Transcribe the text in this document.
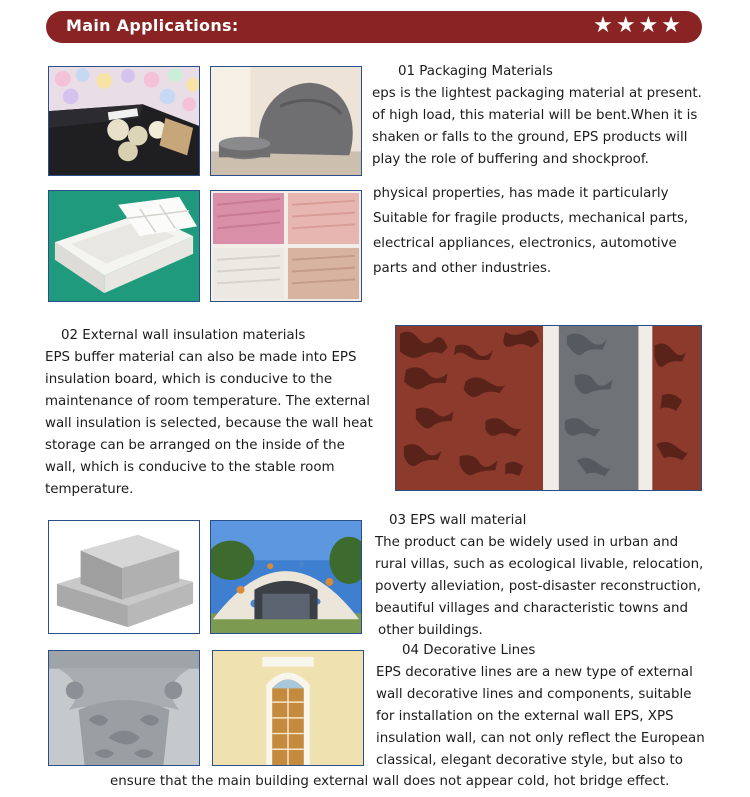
Main Applications:	★★★★
01 Packaging Materials
eps is the lightest packaging material at present.
of high load, this material will be bent.When it is
shaken or falls to the ground, EPS products will
play the role of buffering and shockproof.
physical properties, has made it particularly
Suitable for fragile products, mechanical parts,
electrical appliances, electronics, automotive
parts and other industries.
02 External wall insulation materials
EPS buffer material can also be made into EPS
insulation board, which is conducive to the
maintenance of room temperature. The external
wall insulation is selected, because the wall heat
storage can be arranged on the inside of the
wall, which is conducive to the stable room
temperature.
03 EPS wall material
The product can be widely used in urban and
rural villas, such as ecological livable, relocation,
poverty alleviation, post-disaster reconstruction,
beautiful villages and characteristic towns and
other buildings.
04 Decorative Lines
EPS decorative lines are a new type of external
wall decorative lines and components, suitable
for installation on the external wall EPS, XPS
insulation wall, can not only reflect the European
classical, elegant decorative style, but also to
ensure that the main building external wall does not appear cold, hot bridge effect.
